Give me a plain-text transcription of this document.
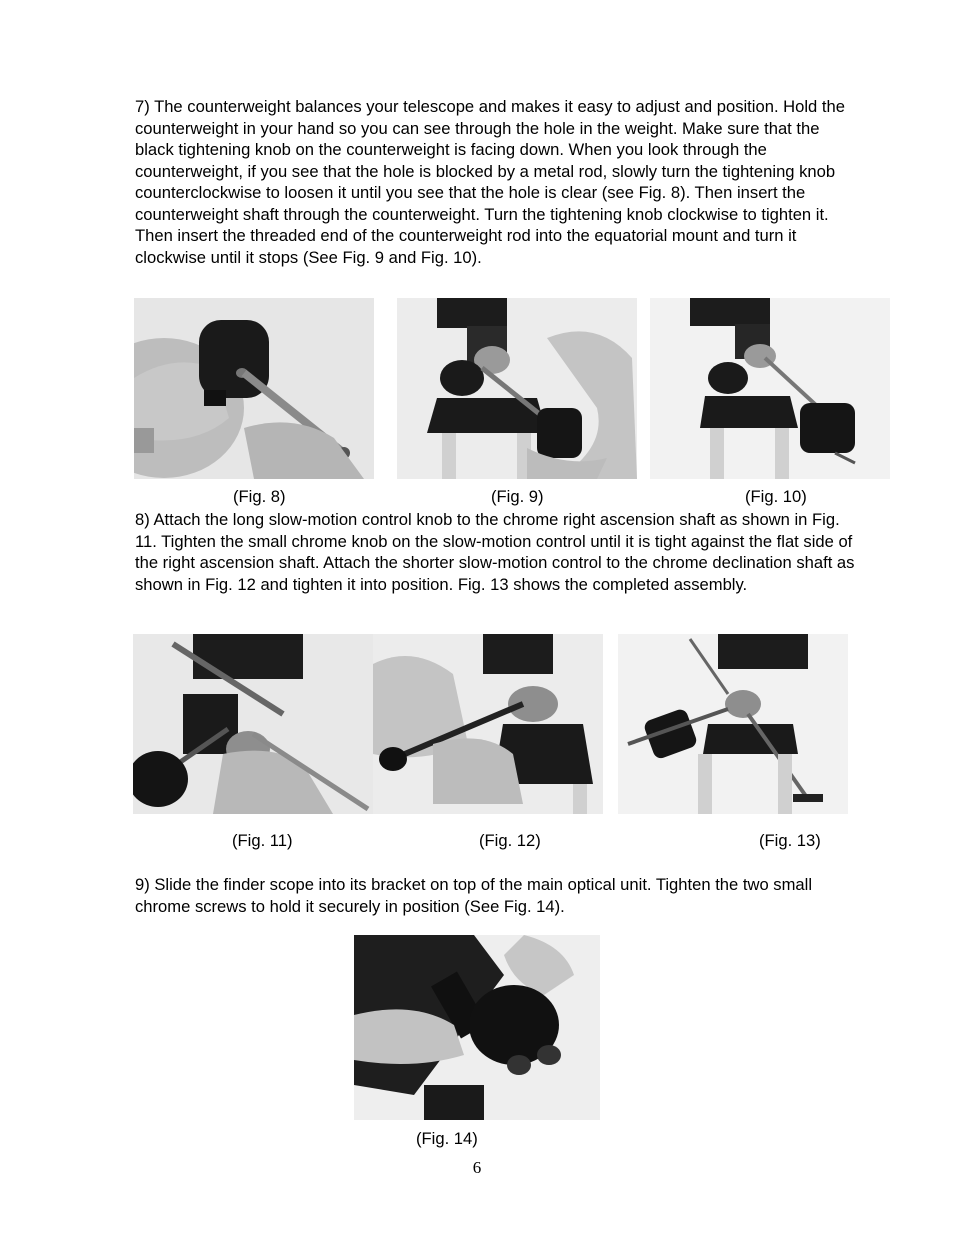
7) The counterweight balances your telescope and makes it easy to adjust and position. Hold the counterweight in your hand so you can see through the hole in the weight. Make sure that the black tightening knob on the counterweight is facing down. When you look through the counterweight, if you see that the hole is blocked by a metal rod, slowly turn the tightening knob counterclockwise to loosen it until you see that the hole is clear (see Fig. 8). Then insert the counterweight shaft through the counterweight. Turn the tightening knob clockwise to tighten it. Then insert the threaded end of the counterweight rod into the equatorial mount and turn it clockwise until it stops (See Fig. 9 and Fig. 10).

(Fig. 8)	(Fig. 9)	(Fig. 10)

8) Attach the long slow-motion control knob to the chrome right ascension shaft as shown in Fig. 11. Tighten the small chrome knob on the slow-motion control until it is tight against the flat side of the right ascension shaft. Attach the shorter slow-motion control to the chrome declination shaft as shown in Fig. 12 and tighten it into position. Fig. 13 shows the completed assembly.

(Fig. 11)	(Fig. 12)	(Fig. 13)

9) Slide the finder scope into its bracket on top of the main optical unit. Tighten the two small chrome screws to hold it securely in position (See Fig. 14).

(Fig. 14)
6
